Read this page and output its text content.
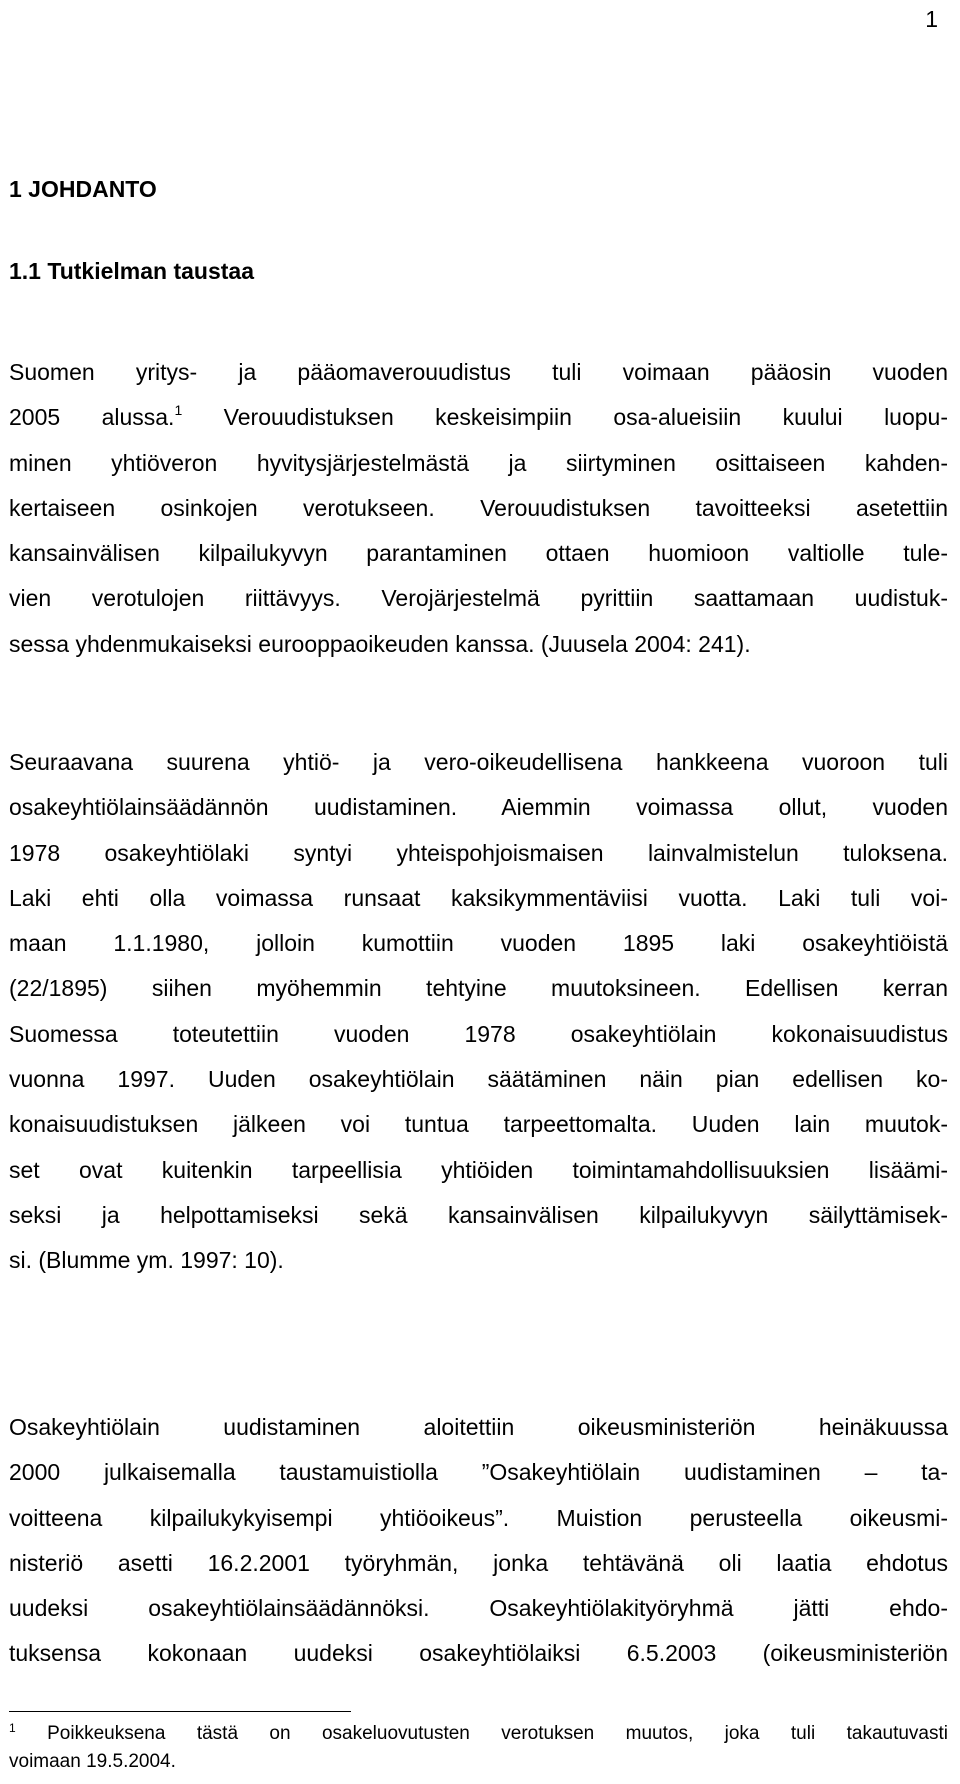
1
1 JOHDANTO
1.1 Tutkielman taustaa
Suomen yritys- ja pääomaverouudistus tuli voimaan pääosin vuoden
2005 alussa.$^1$ Verouudistuksen keskeisimpiin osa-alueisiin kuului luopu-
minen yhtiöveron hyvitysjärjestelmästä ja siirtyminen osittaiseen kahden-
kertaiseen osinkojen verotukseen. Verouudistuksen tavoitteeksi asetettiin
kansainvälisen kilpailukyvyn parantaminen ottaen huomioon valtiolle tule-
vien verotulojen riittävyys. Verojärjestelmä pyrittiin saattamaan uudistuk-
sessa yhdenmukaiseksi eurooppaoikeuden kanssa. (Juusela 2004: 241).
Seuraavana suurena yhtiö- ja vero-oikeudellisena hankkeena vuoroon tuli
osakeyhtiölainsäädännön uudistaminen. Aiemmin voimassa ollut, vuoden
1978 osakeyhtiölaki syntyi yhteispohjoismaisen lainvalmistelun tuloksena.
Laki ehti olla voimassa runsaat kaksikymmentäviisi vuotta. Laki tuli voi-
maan 1.1.1980, jolloin kumottiin vuoden 1895 laki osakeyhtiöistä
(22/1895) siihen myöhemmin tehtyine muutoksineen. Edellisen kerran
Suomessa toteutettiin vuoden 1978 osakeyhtiölain kokonaisuudistus
vuonna 1997. Uuden osakeyhtiölain säätäminen näin pian edellisen ko-
konaisuudistuksen jälkeen voi tuntua tarpeettomalta. Uuden lain muutok-
set ovat kuitenkin tarpeellisia yhtiöiden toimintamahdollisuuksien lisäämi-
seksi ja helpottamiseksi sekä kansainvälisen kilpailukyvyn säilyttämisek-
si. (Blumme ym. 1997: 10).
Osakeyhtiölain uudistaminen aloitettiin oikeusministeriön heinäkuussa
2000 julkaisemalla taustamuistiolla ”Osakeyhtiölain uudistaminen – ta-
voitteena kilpailukykyisempi yhtiöoikeus”. Muistion perusteella oikeusmi-
nisteriö asetti 16.2.2001 työryhmän, jonka tehtävänä oli laatia ehdotus
uudeksi osakeyhtiölainsäädännöksi. Osakeyhtiölakityöryhmä jätti ehdo-
tuksensa kokonaan uudeksi osakeyhtiölaiksi 6.5.2003 (oikeusministeriön
$^1$ Poikkeuksena tästä on osakeluovutusten verotuksen muutos, joka tuli takautuvasti
voimaan 19.5.2004.
